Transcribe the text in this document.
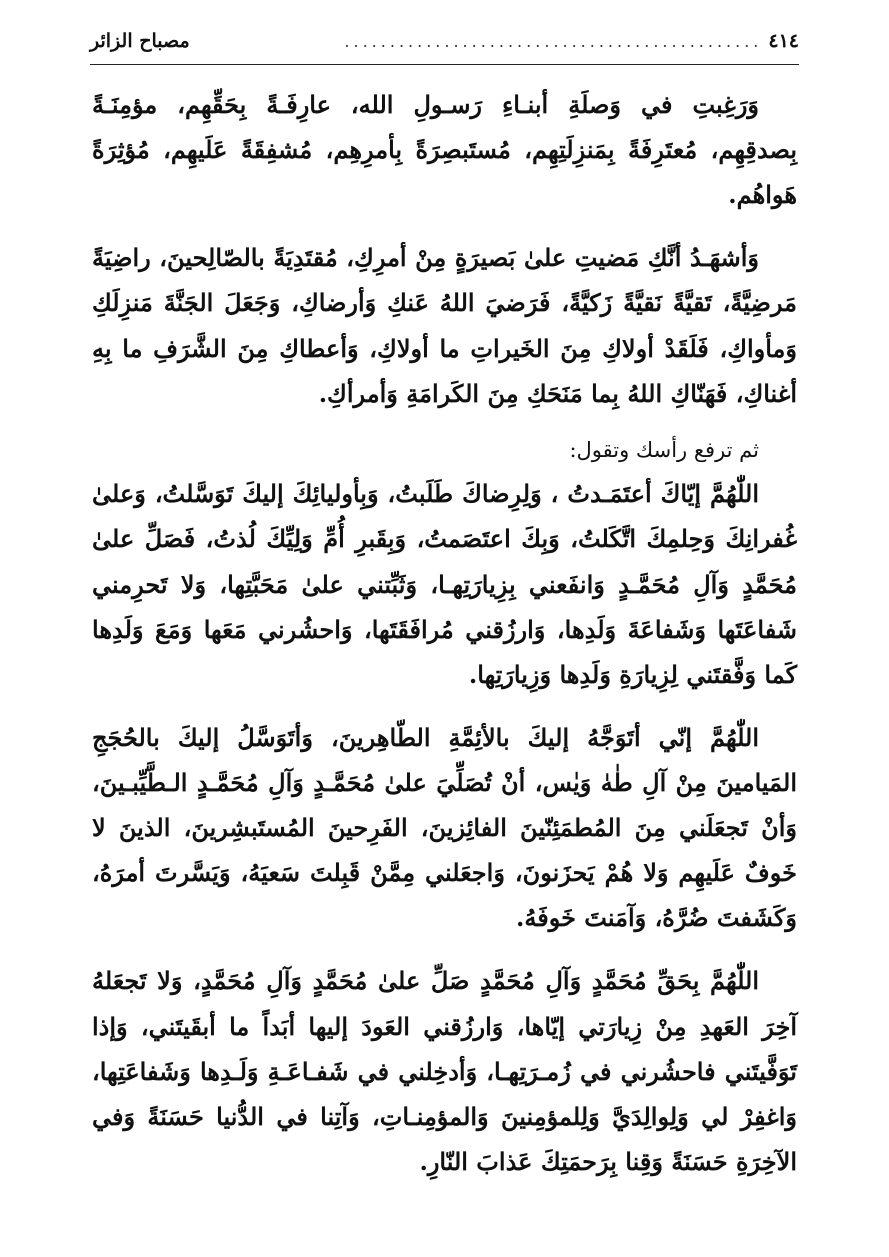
٤١٤
..............................................
مصباح الزائر

وَرَغِبتِ في وَصلَةِ أبنـاءِ رَسـولِ الله، عارِفَـةً بِحَقِّهِم، مؤمِنَـةً بِصدقِهِم، مُعتَرِفَةً بِمَنزِلَتِهِم، مُستَبصِرَةً بِأمرِهِم، مُشفِقَةً عَلَيهِم، مُؤثِرَةً هَواهُم.

وَأشهَـدُ أنَّكِ مَضيتِ علىٰ بَصيرَةٍ مِنْ أمرِكِ، مُقتَدِيَةً بالصّالِحينَ، راضِيَةً مَرضِيَّةً، تَقيَّةً نَقيَّةً زَكيَّةً، فَرَضيَ اللهُ عَنكِ وَأرضاكِ، وَجَعَلَ الجَنَّةَ مَنزِلَكِ وَمأواكِ، فَلَقَدْ أولاكِ مِنَ الخَيراتِ ما أولاكِ، وَأعطاكِ مِنَ الشَّرَفِ ما بِهِ أغناكِ، فَهَنّاكِ اللهُ بِما مَنَحَكِ مِنَ الكَرامَةِ وَأمرأكِ.

ثم ترفع رأسك وتقول:

اللّٰهُمَّ إيّاكَ أعتَمَـدتُ ، وَلِرِضاكَ طَلَبتُ، وَبِأوليائِكَ إليكَ تَوَسَّلتُ، وَعلىٰ غُفرانِكَ وَحِلمِكَ اتَّكَلتُ، وَبِكَ اعتَصَمتُ، وَبِقَبرِ أُمِّ وَلِيِّكَ لُذتُ، فَصَلِّ علىٰ مُحَمَّدٍ وَآلِ مُحَمَّـدٍ وَانفَعني بِزِيارَتِهـا، وَثَبِّتني علىٰ مَحَبَّتِها، وَلا تَحرِمني شَفاعَتَها وَشَفاعَةَ وَلَدِها، وَارزُقني مُرافَقَتَها، وَاحشُرني مَعَها وَمَعَ وَلَدِها كَما وَفَّقتَني لِزِيارَةِ وَلَدِها وَزِيارَتِها.

اللّٰهُمَّ إنّي أتَوَجَّهُ إليكَ بالأئِمَّةِ الطّاهِرينَ، وَأتَوَسَّلُ إليكَ بالحُجَجِ المَيامينَ مِنْ آلِ طٰهٰ وَيٰس، أنْ تُصَلِّيَ علىٰ مُحَمَّـدٍ وَآلِ مُحَمَّـدٍ الـطَّيِّبـينَ، وَأنْ تَجعَلَني مِنَ المُطمَئِنّينَ الفائِزينَ، الفَرِحينَ المُستَبشِرينَ، الذينَ لا خَوفٌ عَلَيهِم وَلا هُمْ يَحزَنونَ، وَاجعَلني مِمَّنْ قَبِلتَ سَعيَهُ، وَيَسَّرتَ أمرَهُ، وَكَشَفتَ ضُرَّهُ، وَآمَنتَ خَوفَهُ.

اللّٰهُمَّ بِحَقِّ مُحَمَّدٍ وَآلِ مُحَمَّدٍ صَلِّ علىٰ مُحَمَّدٍ وَآلِ مُحَمَّدٍ، وَلا تَجعَلهُ آخِرَ العَهدِ مِنْ زِيارَتي إيّاها، وَارزُقني العَودَ إليها أبَداً ما أبقَيتَني، وَإذا تَوَفَّيتَني فاحشُرني في زُمـرَتِهـا، وَأدخِلني في شَفـاعَـةِ وَلَـدِها وَشَفاعَتِها، وَاغفِرْ لي وَلِوالِدَيَّ وَلِلمؤمِنينَ وَالمؤمِنـاتِ، وَآتِنا في الدُّنيا حَسَنَةً وَفي الآخِرَةِ حَسَنَةً وَقِنا بِرَحمَتِكَ عَذابَ النّارِ.
